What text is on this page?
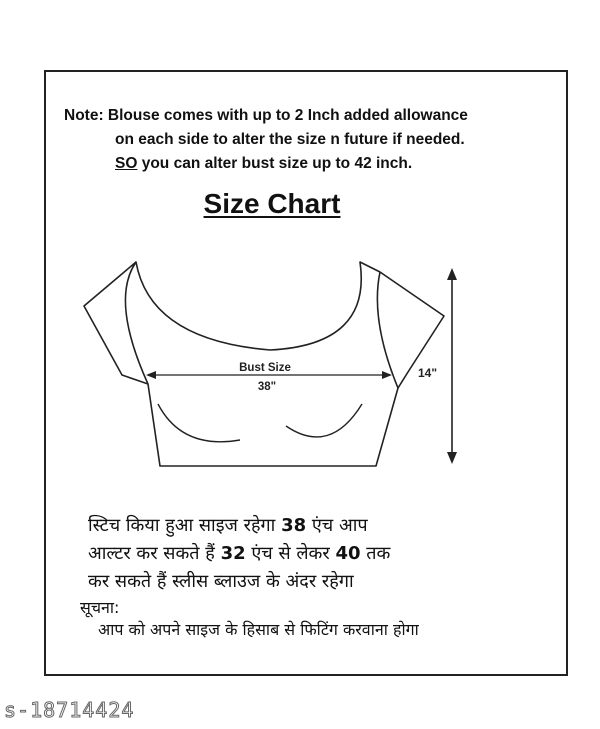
Note: Blouse comes with up to 2 Inch added allowance
on each side to alter the size n future if needed.
SO you can alter bust size up to 42 inch.
Size Chart
Bust Size
38"
14"
स्टिच किया हुआ साइज रहेगा 38 एंच आप
आल्टर कर सकते हैं 32 एंच से लेकर 40 तक
कर सकते हैं स्लीस ब्लाउज के अंदर रहेगा
सूचना:
आप को अपने साइज के हिसाब से फिटिंग करवाना होगा
s-18714424
